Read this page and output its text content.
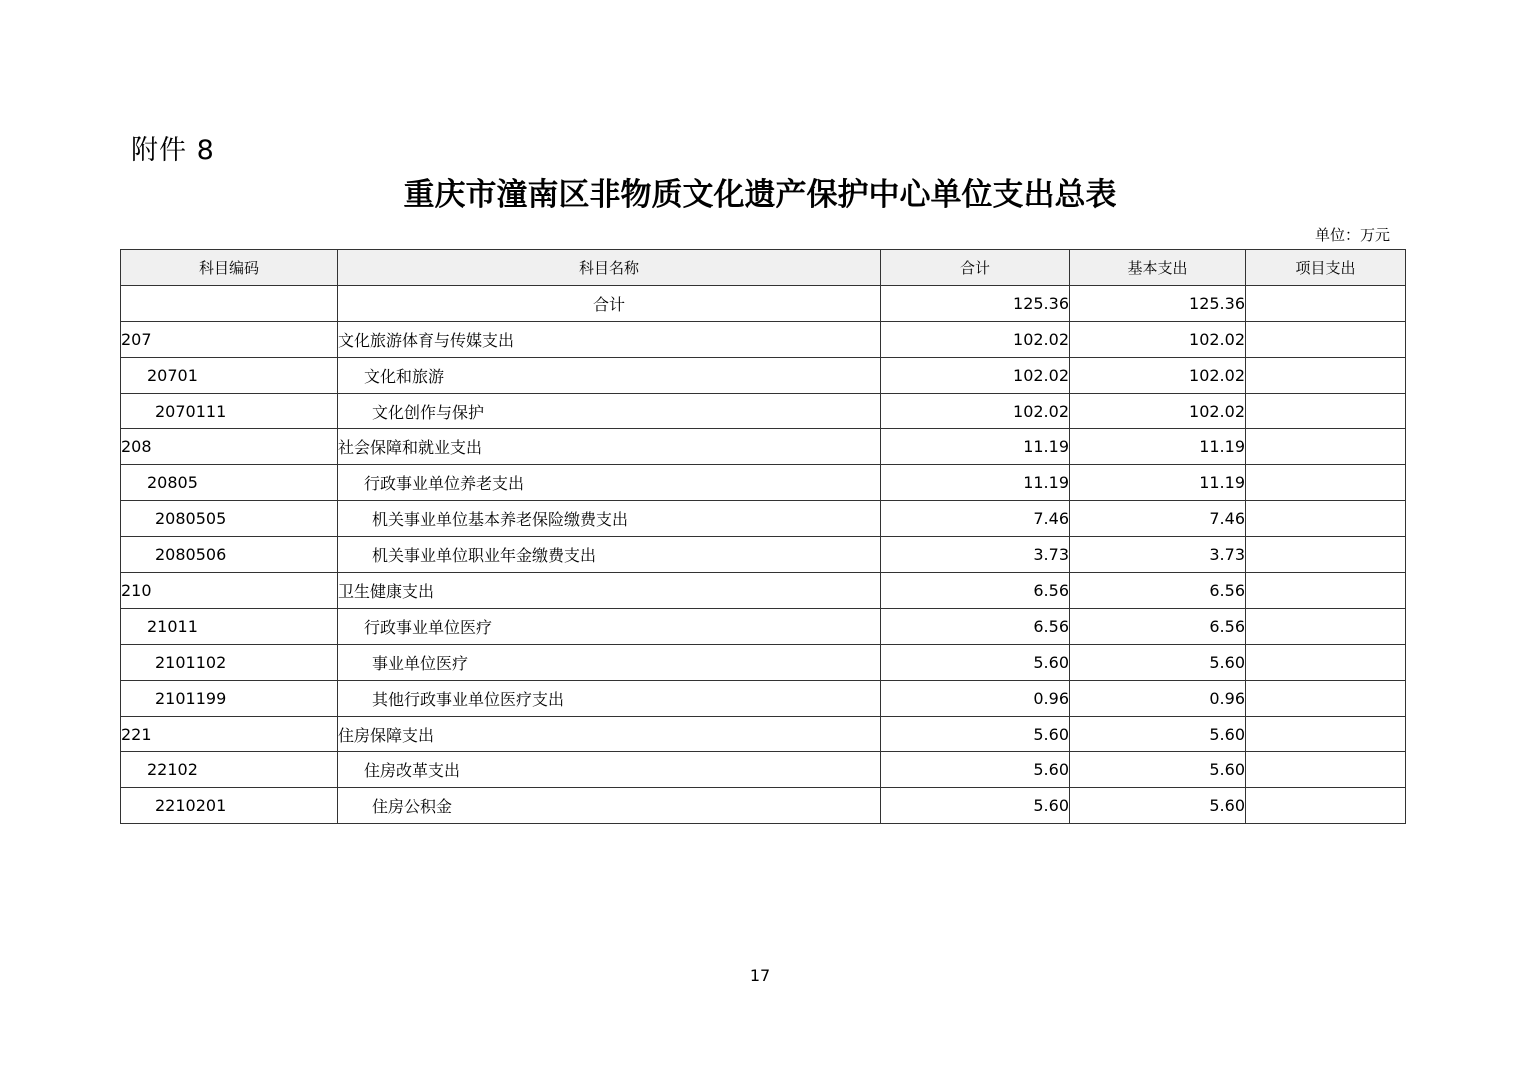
附件 8
重庆市潼南区非物质文化遗产保护中心单位支出总表
单位：万元
科目编码	科目名称	合计	基本支出	项目支出
	合计	125.36	125.36	
207	文化旅游体育与传媒支出	102.02	102.02	
20701	文化和旅游	102.02	102.02	
2070111	文化创作与保护	102.02	102.02	
208	社会保障和就业支出	11.19	11.19	
20805	行政事业单位养老支出	11.19	11.19	
2080505	机关事业单位基本养老保险缴费支出	7.46	7.46	
2080506	机关事业单位职业年金缴费支出	3.73	3.73	
210	卫生健康支出	6.56	6.56	
21011	行政事业单位医疗	6.56	6.56	
2101102	事业单位医疗	5.60	5.60	
2101199	其他行政事业单位医疗支出	0.96	0.96	
221	住房保障支出	5.60	5.60	
22102	住房改革支出	5.60	5.60	
2210201	住房公积金	5.60	5.60	
17
